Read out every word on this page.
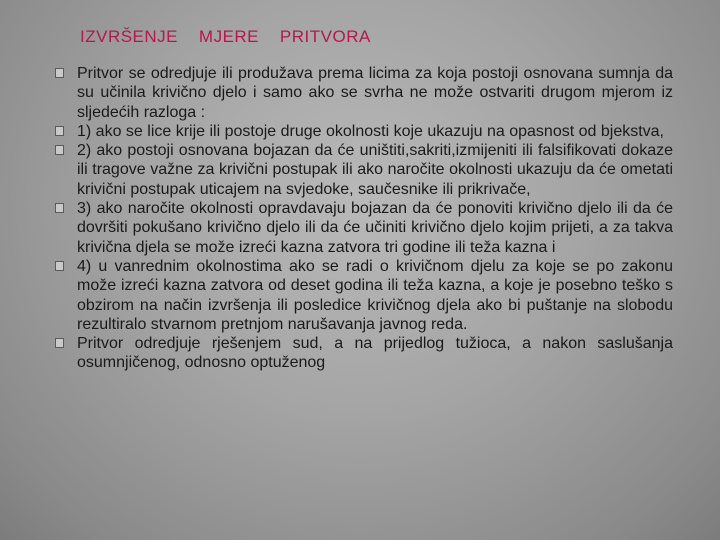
IZVRŠENJE    MJERE    PRITVORA
Pritvor se odredjuje ili produžava prema licima za koja postoji osnovana sumnja da su učinila krivično djelo i samo ako se svrha ne može ostvariti drugom mjerom iz sljedećih razloga :
1) ako se lice krije ili postoje druge okolnosti koje ukazuju na opasnost od bjekstva,
2) ako postoji osnovana bojazan da će uništiti,sakriti,izmijeniti ili falsifikovati dokaze ili tragove važne za krivični postupak ili ako naročite okolnosti ukazuju da će ometati krivični postupak uticajem na svjedoke, saučesnike ili prikrivače,
3) ako naročite okolnosti opravdavaju bojazan da će ponoviti krivično djelo ili da će dovršiti pokušano krivično djelo ili da će učiniti krivično djelo kojim prijeti, a za takva krivična djela se može izreći kazna zatvora tri godine ili teža kazna i
4) u vanrednim okolnostima ako se radi o krivičnom djelu za koje se po zakonu može izreći kazna zatvora od deset godina ili teža kazna, a koje je posebno teško s obzirom na način izvršenja ili posledice krivičnog djela ako bi puštanje na slobodu rezultiralo stvarnom pretnjom narušavanja javnog reda.
Pritvor odredjuje rješenjem sud, a na prijedlog tužioca, a nakon saslušanja osumnjičenog, odnosno optuženog
